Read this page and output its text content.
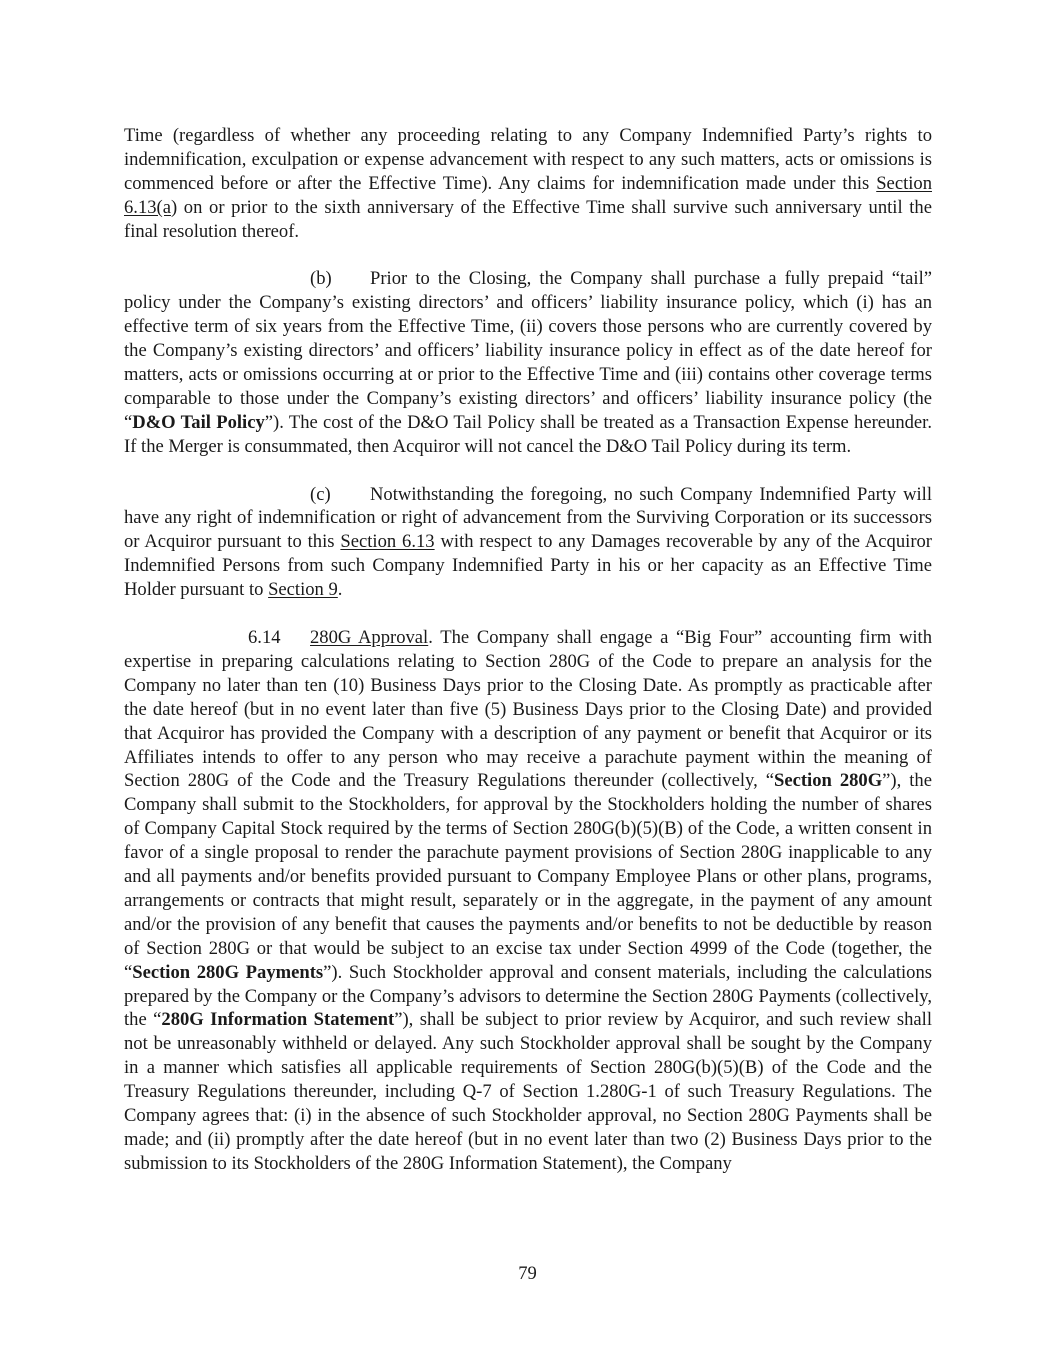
Time (regardless of whether any proceeding relating to any Company Indemnified Party’s rights to indemnification, exculpation or expense advancement with respect to any such matters, acts or omissions is commenced before or after the Effective Time). Any claims for indemnification made under this Section 6.13(a) on or prior to the sixth anniversary of the Effective Time shall survive such anniversary until the final resolution thereof.

(b) Prior to the Closing, the Company shall purchase a fully prepaid “tail” policy under the Company’s existing directors’ and officers’ liability insurance policy, which (i) has an effective term of six years from the Effective Time, (ii) covers those persons who are currently covered by the Company’s existing directors’ and officers’ liability insurance policy in effect as of the date hereof for matters, acts or omissions occurring at or prior to the Effective Time and (iii) contains other coverage terms comparable to those under the Company’s existing directors’ and officers’ liability insurance policy (the “D&O Tail Policy”). The cost of the D&O Tail Policy shall be treated as a Transaction Expense hereunder. If the Merger is consummated, then Acquiror will not cancel the D&O Tail Policy during its term.

(c) Notwithstanding the foregoing, no such Company Indemnified Party will have any right of indemnification or right of advancement from the Surviving Corporation or its successors or Acquiror pursuant to this Section 6.13 with respect to any Damages recoverable by any of the Acquiror Indemnified Persons from such Company Indemnified Party in his or her capacity as an Effective Time Holder pursuant to Section 9.

6.14 280G Approval. The Company shall engage a “Big Four” accounting firm with expertise in preparing calculations relating to Section 280G of the Code to prepare an analysis for the Company no later than ten (10) Business Days prior to the Closing Date. As promptly as practicable after the date hereof (but in no event later than five (5) Business Days prior to the Closing Date) and provided that Acquiror has provided the Company with a description of any payment or benefit that Acquiror or its Affiliates intends to offer to any person who may receive a parachute payment within the meaning of Section 280G of the Code and the Treasury Regulations thereunder (collectively, “Section 280G”), the Company shall submit to the Stockholders, for approval by the Stockholders holding the number of shares of Company Capital Stock required by the terms of Section 280G(b)(5)(B) of the Code, a written consent in favor of a single proposal to render the parachute payment provisions of Section 280G inapplicable to any and all payments and/or benefits provided pursuant to Company Employee Plans or other plans, programs, arrangements or contracts that might result, separately or in the aggregate, in the payment of any amount and/or the provision of any benefit that causes the payments and/or benefits to not be deductible by reason of Section 280G or that would be subject to an excise tax under Section 4999 of the Code (together, the “Section 280G Payments”). Such Stockholder approval and consent materials, including the calculations prepared by the Company or the Company’s advisors to determine the Section 280G Payments (collectively, the “280G Information Statement”), shall be subject to prior review by Acquiror, and such review shall not be unreasonably withheld or delayed. Any such Stockholder approval shall be sought by the Company in a manner which satisfies all applicable requirements of Section 280G(b)(5)(B) of the Code and the Treasury Regulations thereunder, including Q-7 of Section 1.280G-1 of such Treasury Regulations. The Company agrees that: (i) in the absence of such Stockholder approval, no Section 280G Payments shall be made; and (ii) promptly after the date hereof (but in no event later than two (2) Business Days prior to the submission to its Stockholders of the 280G Information Statement), the Company

79
